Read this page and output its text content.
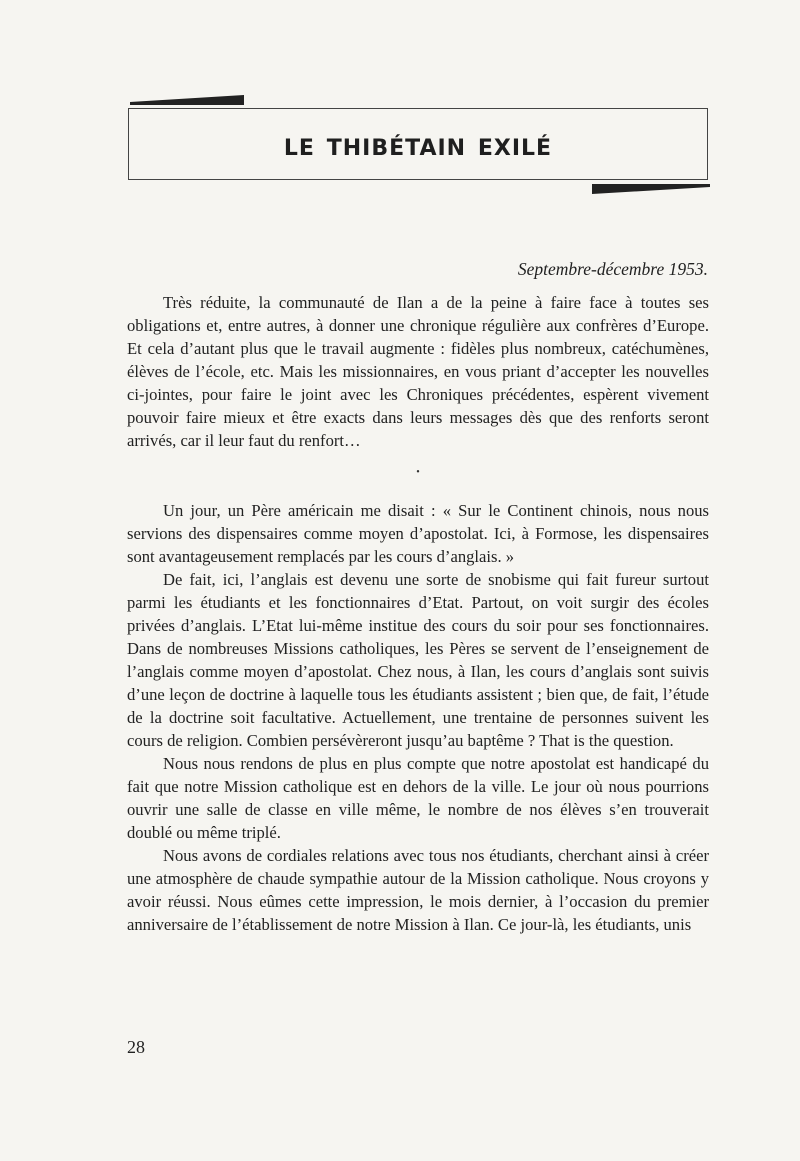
le thibétain exilé
Septembre-décembre 1953.

Très réduite, la communauté de Ilan a de la peine à faire face à toutes ses obligations et, entre autres, à donner une chronique régulière aux confrères d’Europe. Et cela d’autant plus que le travail augmente : fidèles plus nombreux, catéchumènes, élèves de l’école, etc. Mais les missionnaires, en vous priant d’accepter les nouvelles ci-jointes, pour faire le joint avec les Chroniques précédentes, espèrent vivement pouvoir faire mieux et être exacts dans leurs messages dès que des renforts seront arrivés, car il leur faut du renfort…

•

Un jour, un Père américain me disait : « Sur le Continent chinois, nous nous servions des dispensaires comme moyen d’apostolat. Ici, à Formose, les dispensaires sont avantageusement remplacés par les cours d’anglais. »

De fait, ici, l’anglais est devenu une sorte de snobisme qui fait fureur surtout parmi les étudiants et les fonctionnaires d’Etat. Partout, on voit surgir des écoles privées d’anglais. L’Etat lui-même institue des cours du soir pour ses fonctionnaires. Dans de nombreuses Missions catholiques, les Pères se servent de l’enseignement de l’anglais comme moyen d’apostolat. Chez nous, à Ilan, les cours d’anglais sont suivis d’une leçon de doctrine à laquelle tous les étudiants assistent ; bien que, de fait, l’étude de la doctrine soit facultative. Actuellement, une trentaine de personnes suivent les cours de religion. Combien persévèreront jusqu’au baptême ? That is the question.

Nous nous rendons de plus en plus compte que notre apostolat est handicapé du fait que notre Mission catholique est en dehors de la ville. Le jour où nous pourrions ouvrir une salle de classe en ville même, le nombre de nos élèves s’en trouverait doublé ou même triplé.

Nous avons de cordiales relations avec tous nos étudiants, cherchant ainsi à créer une atmosphère de chaude sympathie autour de la Mission catholique. Nous croyons y avoir réussi. Nous eûmes cette impression, le mois dernier, à l’occasion du premier anniversaire de l’établissement de notre Mission à Ilan. Ce jour-là, les étudiants, unis

28
